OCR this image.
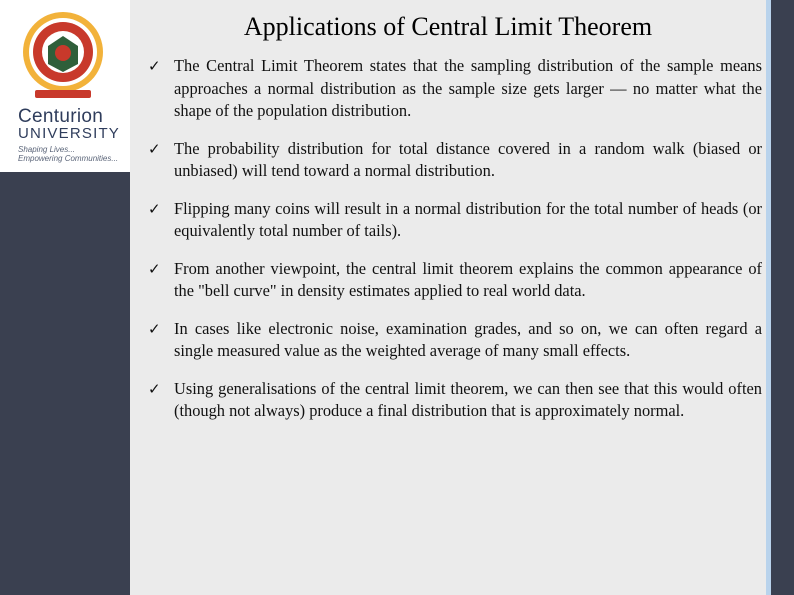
Centurion
UNIVERSITY
Shaping Lives...
Empowering Communities...
Applications of Central Limit Theorem
✓ The Central Limit Theorem states that the sampling distribution of the sample means approaches a normal distribution as the sample size gets larger — no matter what the shape of the population distribution.
✓ The probability distribution for total distance covered in a random walk (biased or unbiased) will tend toward a normal distribution.
✓ Flipping many coins will result in a normal distribution for the total number of heads (or equivalently total number of tails).
✓ From another viewpoint, the central limit theorem explains the common appearance of the "bell curve" in density estimates applied to real world data.
✓ In cases like electronic noise, examination grades, and so on, we can often regard a single measured value as the weighted average of many small effects.
✓ Using generalisations of the central limit theorem, we can then see that this would often (though not always) produce a final distribution that is approximately normal.
